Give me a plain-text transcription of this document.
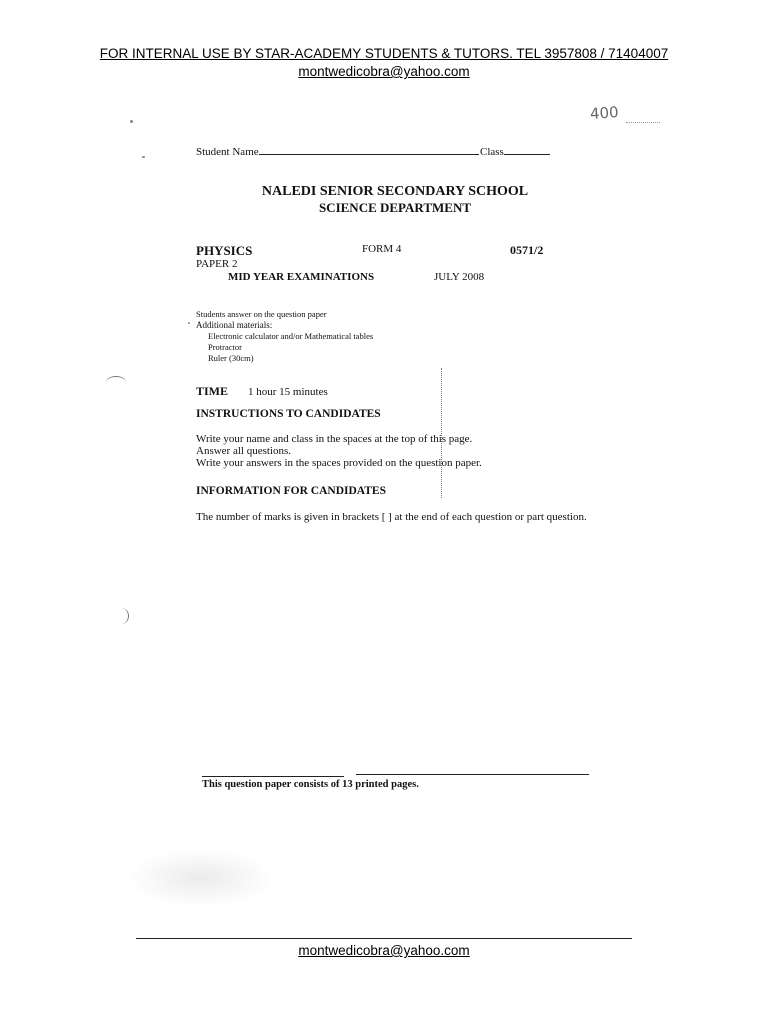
FOR INTERNAL USE BY STAR-ACADEMY STUDENTS & TUTORS. TEL 3957808 / 71404007
montwedicobra@yahoo.com
400
Student Name	Class
NALEDI SENIOR SECONDARY SCHOOL
SCIENCE DEPARTMENT
PHYSICS	FORM 4	0571/2
PAPER 2
MID YEAR EXAMINATIONS	JULY 2008
Students answer on the question paper
Additional materials:
Electronic calculator and/or Mathematical tables
Protractor
Ruler (30cm)
TIME 1 hour 15 minutes
INSTRUCTIONS TO CANDIDATES
Write your name and class in the spaces at the top of this page.
Answer all questions.
Write your answers in the spaces provided on the question paper.
INFORMATION FOR CANDIDATES
The number of marks is given in brackets [ ] at the end of each question or part question.
This question paper consists of 13 printed pages.
montwedicobra@yahoo.com
